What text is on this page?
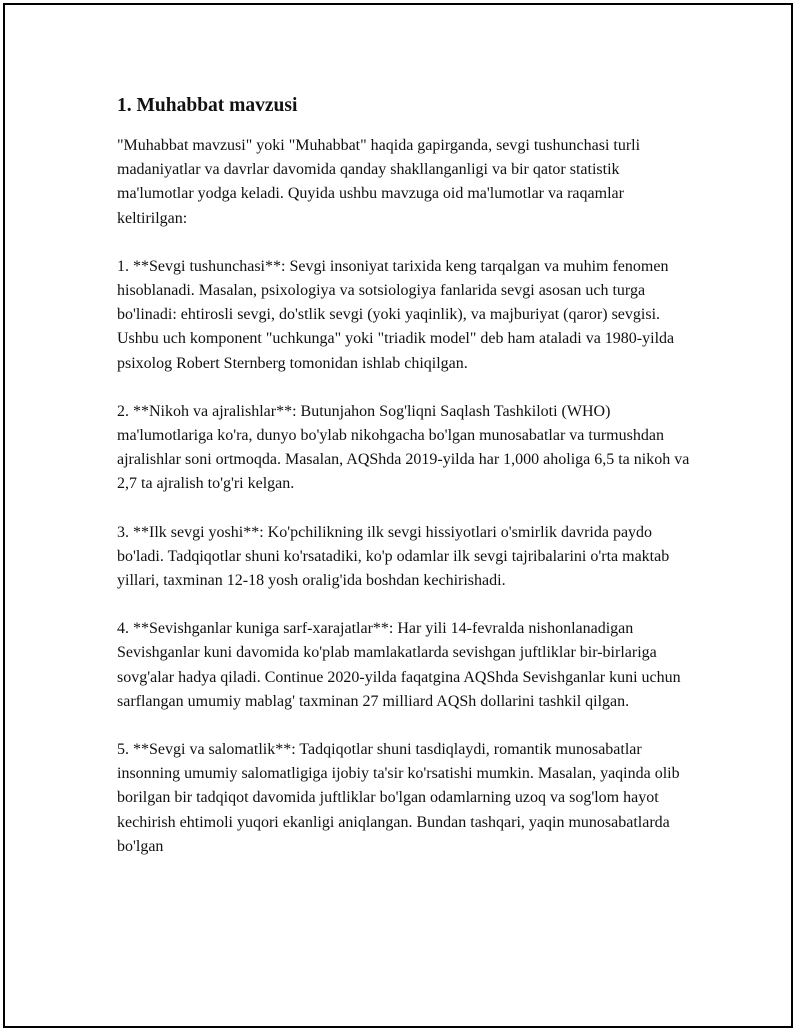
1. Muhabbat mavzusi

"Muhabbat mavzusi" yoki "Muhabbat" haqida gapirganda, sevgi tushunchasi turli madaniyatlar va davrlar davomida qanday shakllanganligi va bir qator statistik ma'lumotlar yodga keladi. Quyida ushbu mavzuga oid ma'lumotlar va raqamlar keltirilgan:

1. **Sevgi tushunchasi**: Sevgi insoniyat tarixida keng tarqalgan va muhim fenomen hisoblanadi. Masalan, psixologiya va sotsiologiya fanlarida sevgi asosan uch turga bo'linadi: ehtirosli sevgi, do'stlik sevgi (yoki yaqinlik), va majburiyat (qaror) sevgisi. Ushbu uch komponent "uchkunga" yoki "triadik model" deb ham ataladi va 1980-yilda psixolog Robert Sternberg tomonidan ishlab chiqilgan.

2. **Nikoh va ajralishlar**: Butunjahon Sog'liqni Saqlash Tashkiloti (WHO) ma'lumotlariga ko'ra, dunyo bo'ylab nikohgacha bo'lgan munosabatlar va turmushdan ajralishlar soni ortmoqda. Masalan, AQShda 2019-yilda har 1,000 aholiga 6,5 ta nikoh va 2,7 ta ajralish to'g'ri kelgan.

3. **Ilk sevgi yoshi**: Ko'pchilikning ilk sevgi hissiyotlari o'smirlik davrida paydo bo'ladi. Tadqiqotlar shuni ko'rsatadiki, ko'p odamlar ilk sevgi tajribalarini o'rta maktab yillari, taxminan 12-18 yosh oralig'ida boshdan kechirishadi.

4. **Sevishganlar kuniga sarf-xarajatlar**: Har yili 14-fevralda nishonlanadigan Sevishganlar kuni davomida ko'plab mamlakatlarda sevishgan juftliklar bir-birlariga sovg'alar hadya qiladi. Continue 2020-yilda faqatgina AQShda Sevishganlar kuni uchun sarflangan umumiy mablag' taxminan 27 milliard AQSh dollarini tashkil qilgan.

5. **Sevgi va salomatlik**: Tadqiqotlar shuni tasdiqlaydi, romantik munosabatlar insonning umumiy salomatligiga ijobiy ta'sir ko'rsatishi mumkin. Masalan, yaqinda olib borilgan bir tadqiqot davomida juftliklar bo'lgan odamlarning uzoq va sog'lom hayot kechirish ehtimoli yuqori ekanligi aniqlangan. Bundan tashqari, yaqin munosabatlarda bo'lgan
